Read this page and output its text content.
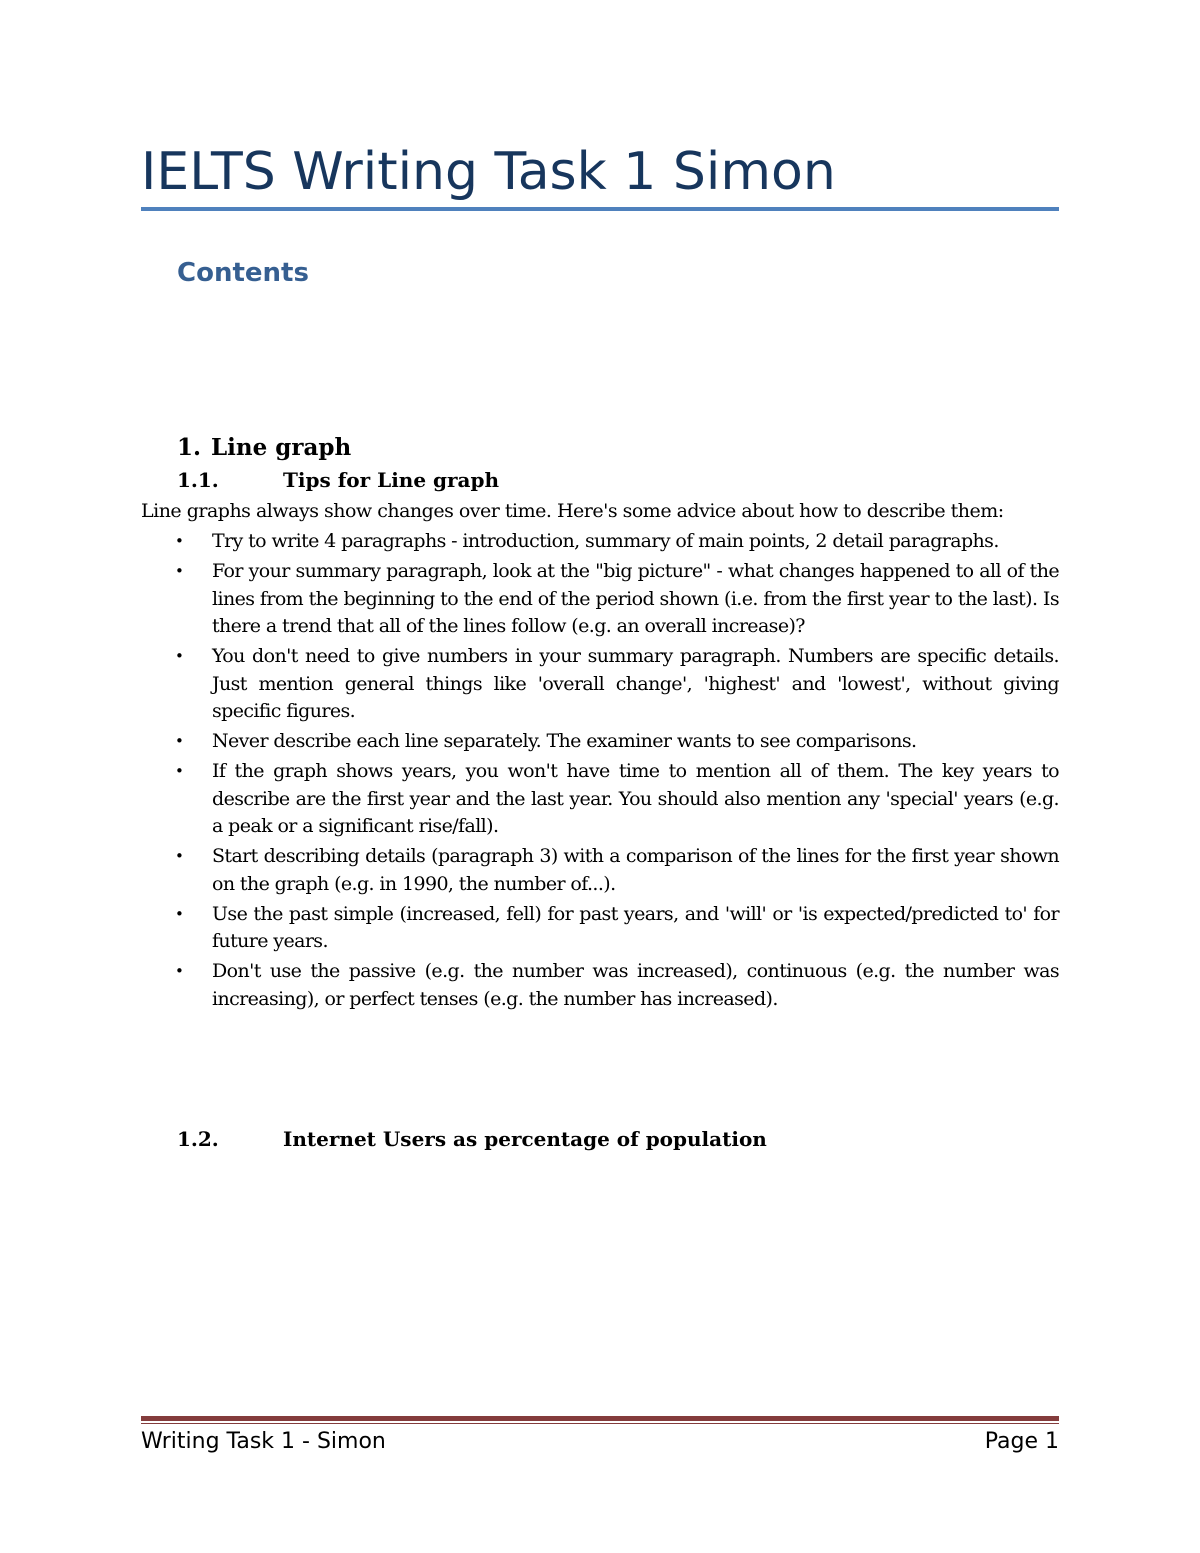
IELTS Writing Task 1 Simon
Contents
1. Line graph
1.1.	Tips for Line graph

Line graphs always show changes over time. Here's some advice about how to describe them:

• Try to write 4 paragraphs - introduction, summary of main points, 2 detail paragraphs.
• For your summary paragraph, look at the "big picture" - what changes happened to all of the lines from the beginning to the end of the period shown (i.e. from the first year to the last). Is there a trend that all of the lines follow (e.g. an overall increase)?
• You don't need to give numbers in your summary paragraph. Numbers are specific details. Just mention general things like 'overall change', 'highest' and 'lowest', without giving specific figures.
• Never describe each line separately. The examiner wants to see comparisons.
• If the graph shows years, you won't have time to mention all of them. The key years to describe are the first year and the last year. You should also mention any 'special' years (e.g. a peak or a significant rise/fall).
• Start describing details (paragraph 3) with a comparison of the lines for the first year shown on the graph (e.g. in 1990, the number of...).
• Use the past simple (increased, fell) for past years, and 'will' or 'is expected/predicted to' for future years.
• Don't use the passive (e.g. the number was increased), continuous (e.g. the number was increasing), or perfect tenses (e.g. the number has increased).
1.2.	Internet Users as percentage of population
Writing Task 1 - Simon	Page 1
